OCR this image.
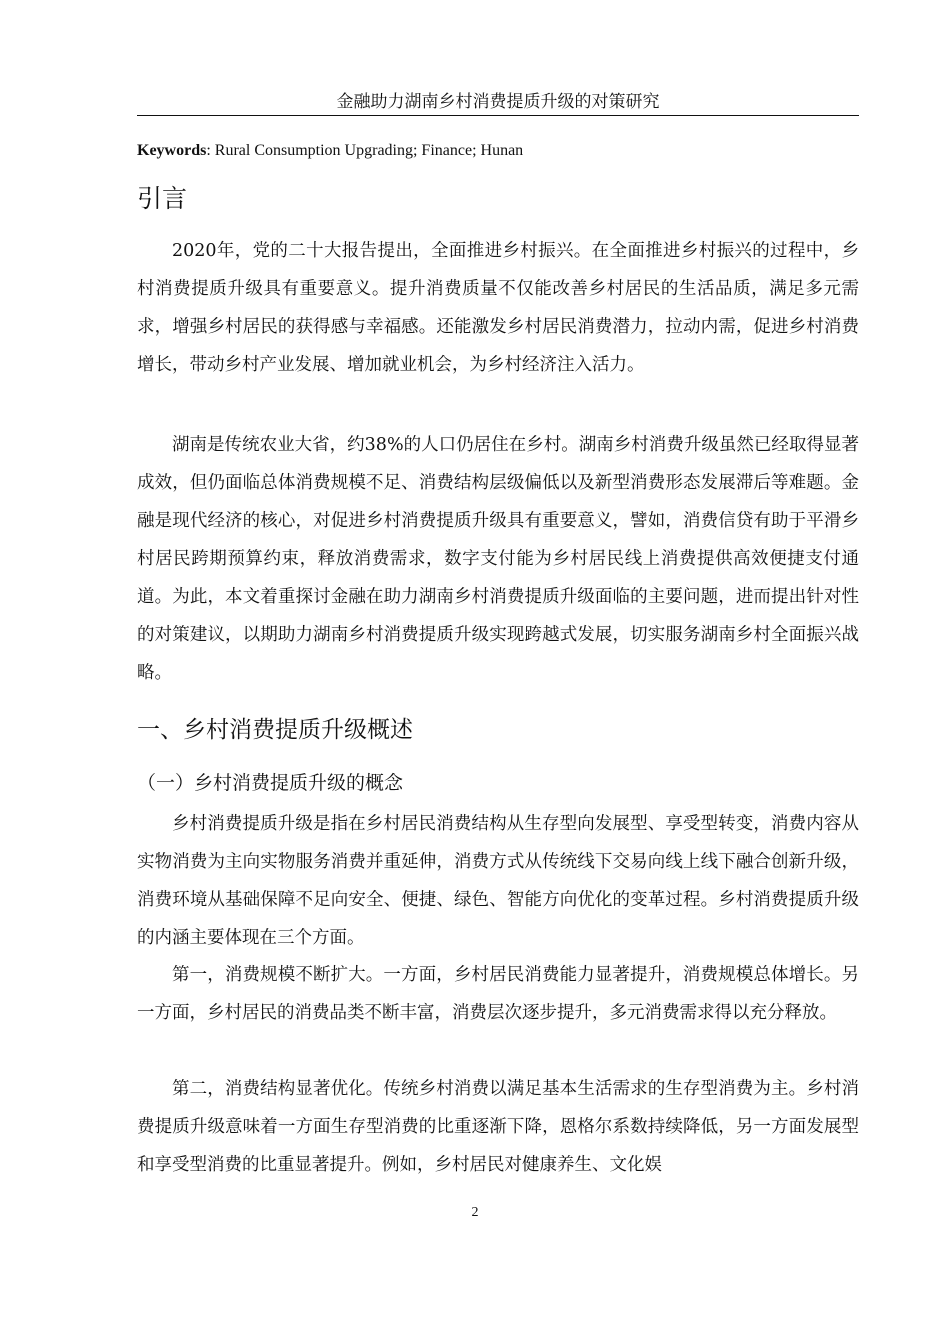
金融助力湖南乡村消费提质升级的对策研究
Keywords: Rural Consumption Upgrading; Finance; Hunan
引言

2020年，党的二十大报告提出，全面推进乡村振兴。在全面推进乡村振兴的过程中，乡村消费提质升级具有重要意义。提升消费质量不仅能改善乡村居民的生活品质，满足多元需求，增强乡村居民的获得感与幸福感。还能激发乡村居民消费潜力，拉动内需，促进乡村消费增长，带动乡村产业发展、增加就业机会，为乡村经济注入活力。

湖南是传统农业大省，约38%的人口仍居住在乡村。湖南乡村消费升级虽然已经取得显著成效，但仍面临总体消费规模不足、消费结构层级偏低以及新型消费形态发展滞后等难题。金融是现代经济的核心，对促进乡村消费提质升级具有重要意义，譬如，消费信贷有助于平滑乡村居民跨期预算约束，释放消费需求，数字支付能为乡村居民线上消费提供高效便捷支付通道。为此，本文着重探讨金融在助力湖南乡村消费提质升级面临的主要问题，进而提出针对性的对策建议，以期助力湖南乡村消费提质升级实现跨越式发展，切实服务湖南乡村全面振兴战略。

一、乡村消费提质升级概述
（一）乡村消费提质升级的概念

乡村消费提质升级是指在乡村居民消费结构从生存型向发展型、享受型转变，消费内容从实物消费为主向实物服务消费并重延伸，消费方式从传统线下交易向线上线下融合创新升级，消费环境从基础保障不足向安全、便捷、绿色、智能方向优化的变革过程。乡村消费提质升级的内涵主要体现在三个方面。

第一，消费规模不断扩大。一方面，乡村居民消费能力显著提升，消费规模总体增长。另一方面，乡村居民的消费品类不断丰富，消费层次逐步提升，多元消费需求得以充分释放。

第二，消费结构显著优化。传统乡村消费以满足基本生活需求的生存型消费为主。乡村消费提质升级意味着一方面生存型消费的比重逐渐下降，恩格尔系数持续降低，另一方面发展型和享受型消费的比重显著提升。例如，乡村居民对健康养生、文化娱

2
